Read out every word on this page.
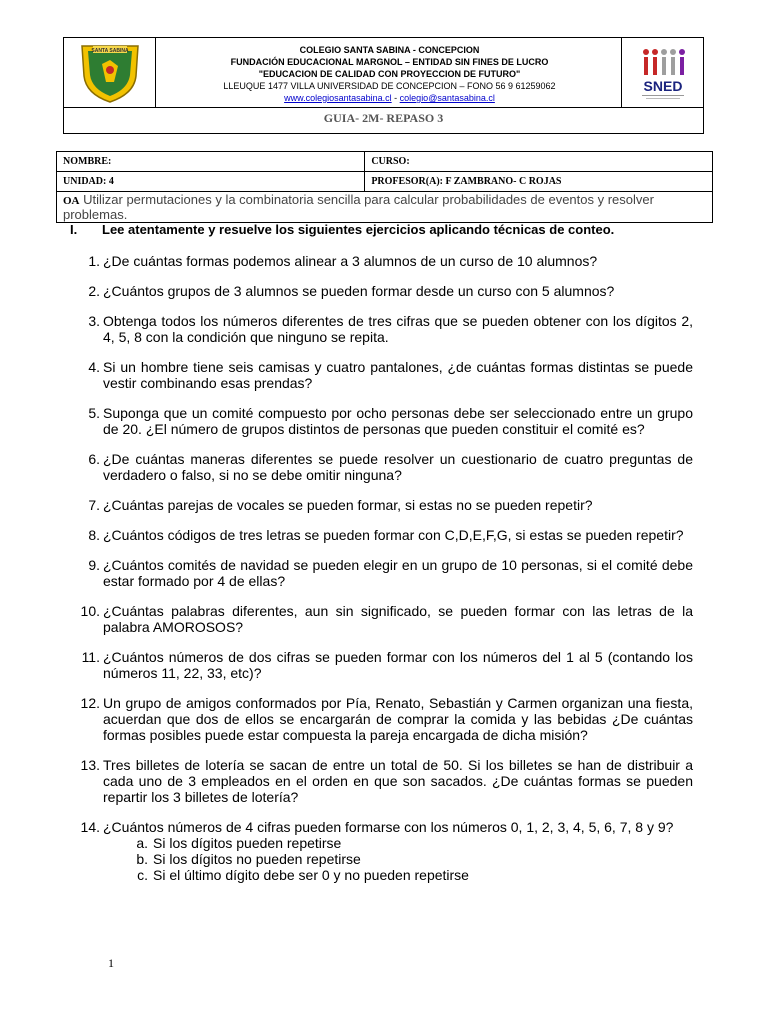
SANTA SABINA	COLEGIO SANTA SABINA - CONCEPCION
FUNDACIÓN EDUCACIONAL MARGNOL – ENTIDAD SIN FINES DE LUCRO
"EDUCACION DE CALIDAD CON PROYECCION DE FUTURO"
LLEUQUE 1477 VILLA UNIVERSIDAD DE CONCEPCION – FONO 56 9 61259062
www.colegiosantasabina.cl - colegio@santasabina.cl
SNED
GUIA- 2M- REPASO 3
NOMBRE:	CURSO:
UNIDAD: 4	PROFESOR(A): F ZAMBRANO- C ROJAS
OA Utilizar permutaciones y la combinatoria sencilla para calcular probabilidades de eventos y resolver problemas.	
I. Lee atentamente y resuelve los siguientes ejercicios aplicando técnicas de conteo.
1. ¿De cuántas formas podemos alinear a 3 alumnos de un curso de 10 alumnos?
2. ¿Cuántos grupos de 3 alumnos se pueden formar desde un curso con 5 alumnos?
3. Obtenga todos los números diferentes de tres cifras que se pueden obtener con los dígitos 2, 4, 5, 8 con la condición que ninguno se repita.
4. Si un hombre tiene seis camisas y cuatro pantalones, ¿de cuántas formas distintas se puede vestir combinando esas prendas?
5. Suponga que un comité compuesto por ocho personas debe ser seleccionado entre un grupo de 20. ¿El número de grupos distintos de personas que pueden constituir el comité es?
6. ¿De cuántas maneras diferentes se puede resolver un cuestionario de cuatro preguntas de verdadero o falso, si no se debe omitir ninguna?
7. ¿Cuántas parejas de vocales se pueden formar, si estas no se pueden repetir?
8. ¿Cuántos códigos de tres letras se pueden formar con C,D,E,F,G, si estas se pueden repetir?
9. ¿Cuántos comités de navidad se pueden elegir en un grupo de 10 personas, si el comité debe estar formado por 4 de ellas?
10. ¿Cuántas palabras diferentes, aun sin significado, se pueden formar con las letras de la palabra AMOROSOS?
11. ¿Cuántos números de dos cifras se pueden formar con los números del 1 al 5 (contando los números 11, 22, 33, etc)?
12. Un grupo de amigos conformados por Pía, Renato, Sebastián y Carmen organizan una fiesta, acuerdan que dos de ellos se encargarán de comprar la comida y las bebidas ¿De cuántas formas posibles puede estar compuesta la pareja encargada de dicha misión?
13. Tres billetes de lotería se sacan de entre un total de 50. Si los billetes se han de distribuir a cada uno de 3 empleados en el orden en que son sacados. ¿De cuántas formas se pueden repartir los 3 billetes de lotería?
14. ¿Cuántos números de 4 cifras pueden formarse con los números 0, 1, 2, 3, 4, 5, 6, 7, 8 y 9?
a. Si los dígitos pueden repetirse
b. Si los dígitos no pueden repetirse
c. Si el último dígito debe ser 0 y no pueden repetirse
1
